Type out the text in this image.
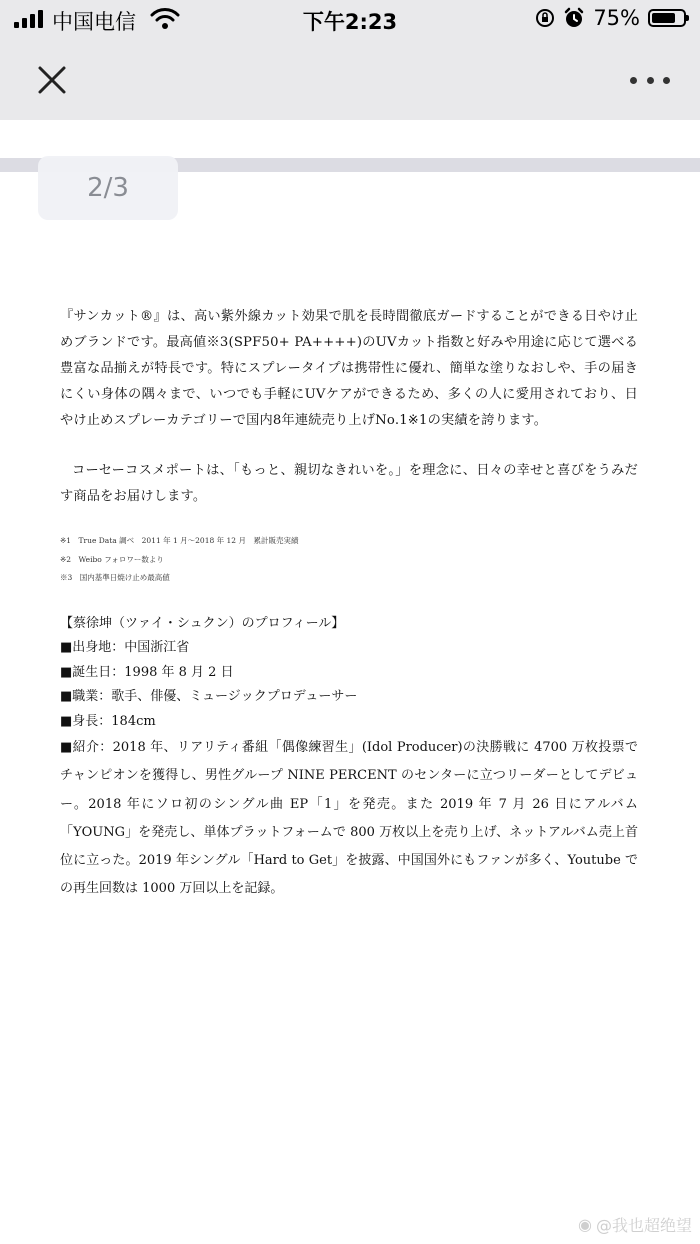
中国电信	下午2:23	75%
2/3

『サンカット®』は、高い紫外線カット効果で肌を長時間徹底ガードすることができる日やけ止めブランドです。最高値※3(SPF50+ PA++++)のUVカット指数と好みや用途に応じて選べる豊富な品揃えが特長です。特にスプレータイプは携帯性に優れ、簡単な塗りなおしや、手の届きにくい身体の隅々まで、いつでも手軽にUVケアができるため、多くの人に愛用されており、日やけ止めスプレーカテゴリーで国内8年連続売り上げNo.1※1の実績を誇ります。

コーセーコスメポートは、「もっと、親切なきれいを。」を理念に、日々の幸せと喜びをうみだす商品をお届けします。

※1　True Data 調べ　2011 年 1 月～2018 年 12 月　累計販売実績
※2　Weibo フォロワー数より
※3　国内基準日焼け止め最高値
【蔡徐坤（ツァイ・シュクン）のプロフィール】
■出身地：中国浙江省
■誕生日：1998 年 8 月 2 日
■職業：歌手、俳優、ミュージックプロデューサー
■身長：184cm
■紹介：2018 年、リアリティ番組「偶像練習生」(Idol Producer)の決勝戦に 4700 万枚投票でチャンピオンを獲得し、男性グループ NINE PERCENT のセンターに立つリーダーとしてデビュー。2018 年にソロ初のシングル曲 EP「1」を発売。また 2019 年 7 月 26 日にアルバム「YOUNG」を発売し、単体プラットフォームで 800 万枚以上を売り上げ、ネットアルバム売上首位に立った。2019 年シングル「Hard to Get」を披露、中国国外にもファンが多く、Youtube での再生回数は 1000 万回以上を記録。
◉ @我也超绝望
